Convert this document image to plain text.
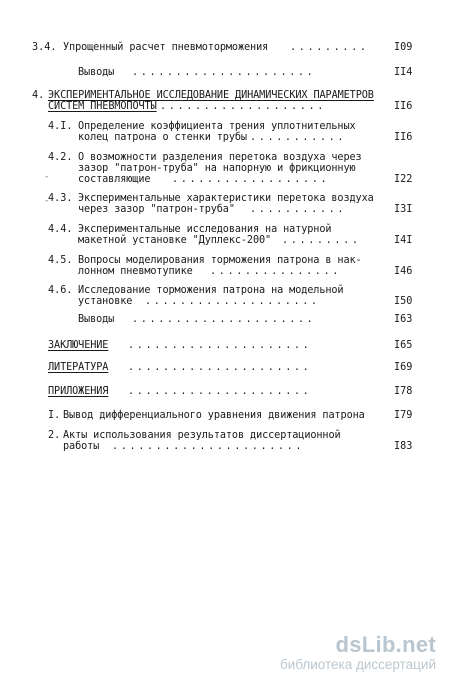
3.4. Упрощенный расчет пневмоторможения .........	I09
Выводы .....................	II4
4. ЭКСПЕРИМЕНТАЛЬНОЕ ИССЛЕДОВАНИЕ ДИНАМИЧЕСКИХ ПАРАМЕТРОВ
СИСТЕМ ПНЕВМОПОЧТЫ ...................	II6
4.I. Определение коэффициента трения уплотнительных
колец патрона о стенки трубы ...........	II6
4.2. О возможности разделения перетока воздуха через
зазор "патрон-труба" на напорную и фрикционную
составляющие ..................	I22
4.3. Экспериментальные характеристики перетока воздуха
через зазор "патрон-труба" ...........	I3I
4.4. Экспериментальные исследования на натурной
макетной установке "Дуплекс-200" .........	I4I
4.5. Вопросы моделирования торможения патрона в нак-
лонном пневмотупике ...............	I46
4.6. Исследование торможения патрона на модельной
установке ....................	I50
Выводы .....................	I63
ЗАКЛЮЧЕНИЕ .....................	I65
ЛИТЕРАТУРА .....................	I69
ПРИЛОЖЕНИЯ .....................	I78
I. Вывод дифференциального уравнения движения патрона	I79
2. Акты использования результатов диссертационной
работы ......................	I83
-
-
dsLib.net
библиотека диссертаций
